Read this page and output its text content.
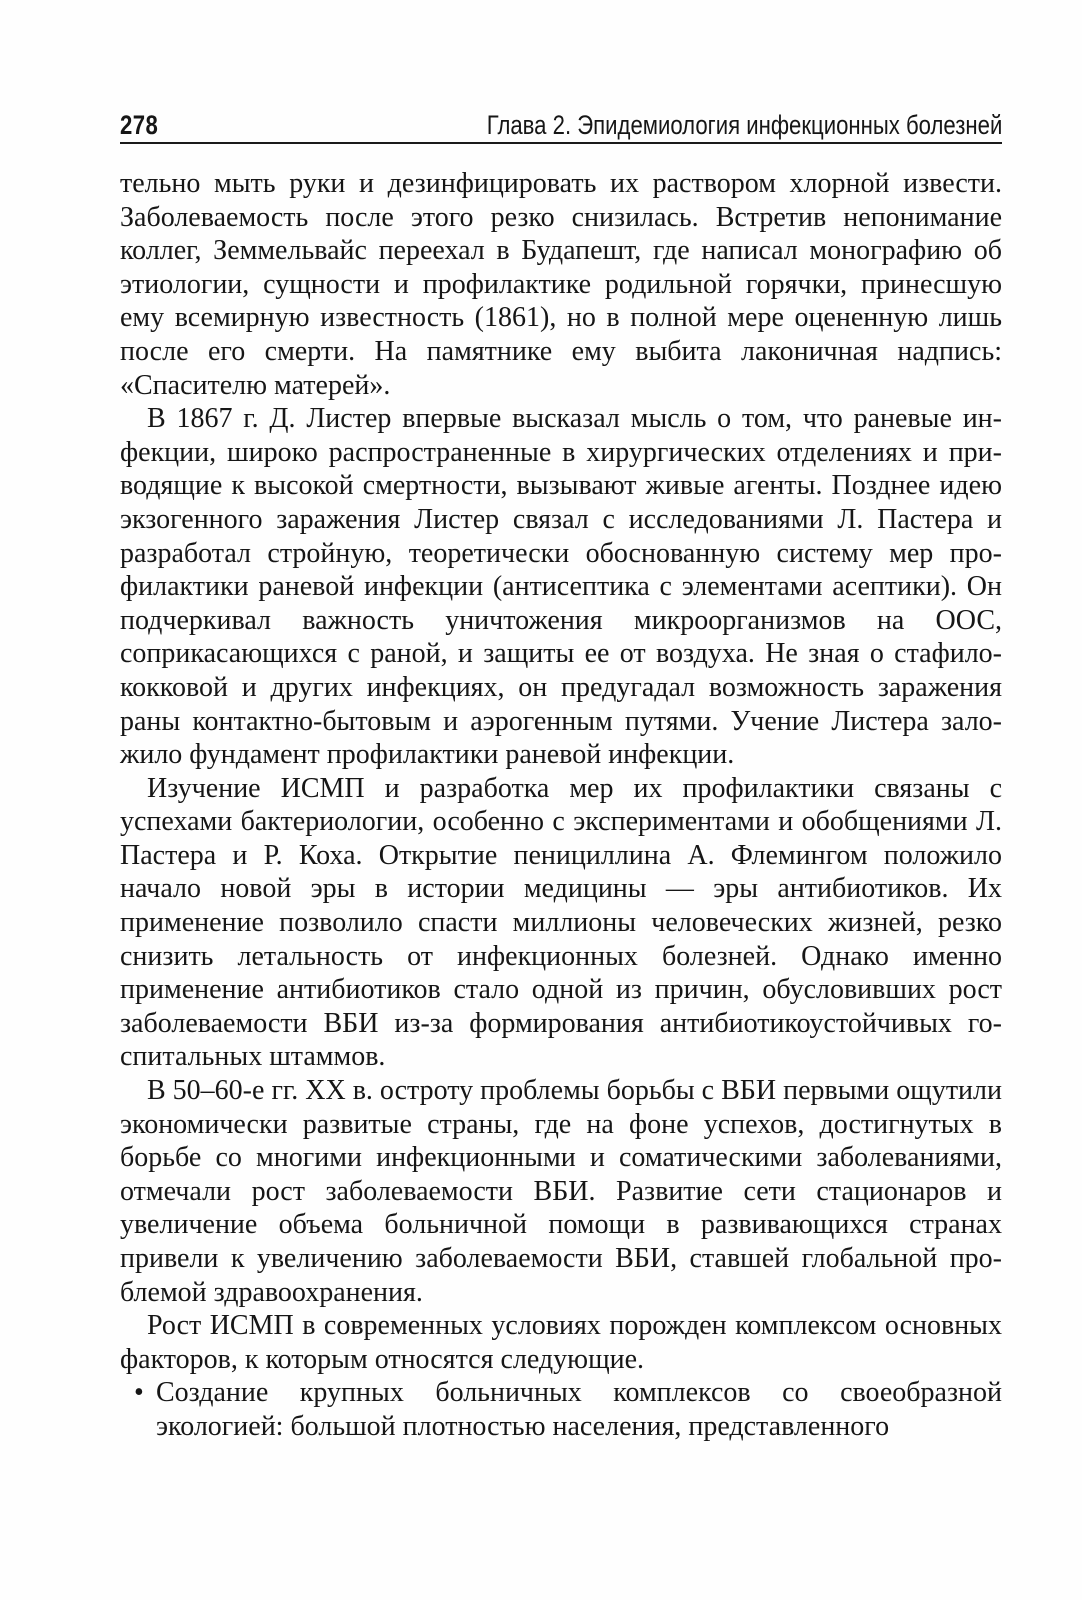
278	Глава 2. Эпидемиология инфекционных болезней

тельно мыть руки и дезинфицировать их раствором хлорной извести. Заболеваемость после этого резко снизилась. Встретив непонимание коллег, Земмельвайс переехал в Будапешт, где написал монографию об этиологии, сущности и профилактике родильной горячки, принесшую ему всемирную известность (1861), но в полной мере оцененную лишь после его смерти. На памятнике ему выбита лаконичная надпись: «Спасителю матерей».

В 1867 г. Д. Листер впервые высказал мысль о том, что раневые инфекции, широко распространенные в хирургических отделениях и приводящие к высокой смертности, вызывают живые агенты. Позднее идею экзогенного заражения Листер связал с исследованиями Л. Пастера и разработал стройную, теоретически обоснованную систему мер профилактики раневой инфекции (антисептика с элементами асептики). Он подчеркивал важность уничтожения микроорганизмов на ООС, соприкасающихся с раной, и защиты ее от воздуха. Не зная о стафилококковой и других инфекциях, он предугадал возможность заражения раны контактно-бытовым и аэрогенным путями. Учение Листера заложило фундамент профилактики раневой инфекции.

Изучение ИСМП и разработка мер их профилактики связаны с успехами бактериологии, особенно с экспериментами и обобщениями Л. Пастера и Р. Коха. Открытие пенициллина А. Флемингом положило начало новой эры в истории медицины — эры антибиотиков. Их применение позволило спасти миллионы человеческих жизней, резко снизить летальность от инфекционных болезней. Однако именно применение антибиотиков стало одной из причин, обусловивших рост заболеваемости ВБИ из-за формирования антибиотикоустойчивых госпитальных штаммов.

В 50–60-е гг. XX в. остроту проблемы борьбы с ВБИ первыми ощутили экономически развитые страны, где на фоне успехов, достигнутых в борьбе со многими инфекционными и соматическими заболеваниями, отмечали рост заболеваемости ВБИ. Развитие сети стационаров и увеличение объема больничной помощи в развивающихся странах привели к увеличению заболеваемости ВБИ, ставшей глобальной проблемой здравоохранения.

Рост ИСМП в современных условиях порожден комплексом основных факторов, к которым относятся следующие.

• Создание крупных больничных комплексов со своеобразной экологией: большой плотностью населения, представленного
